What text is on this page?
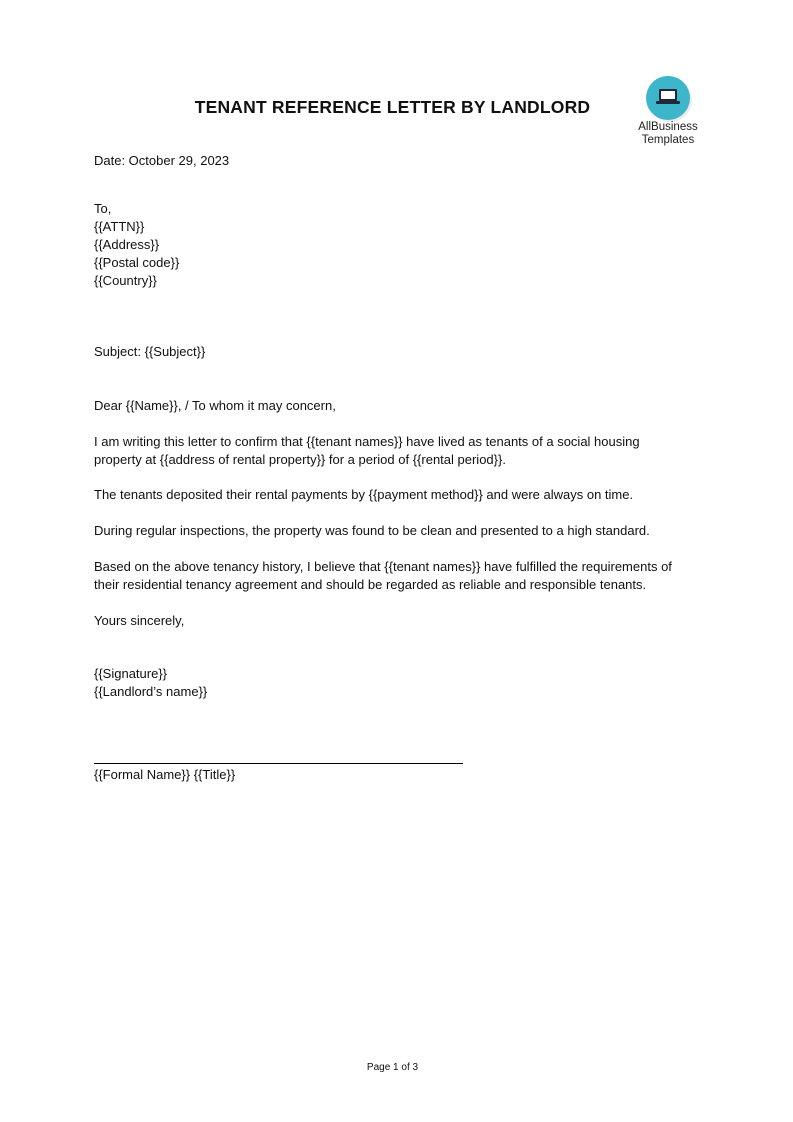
TENANT REFERENCE LETTER BY LANDLORD
AllBusiness
Templates
Date: October 29, 2023
To,
{{ATTN}}
{{Address}}
{{Postal code}}
{{Country}}
Subject: {{Subject}}
Dear {{Name}}, / To whom it may concern,
I am writing this letter to confirm that {{tenant names}} have lived as tenants of a social housing
property at {{address of rental property}} for a period of {{rental period}}.
The tenants deposited their rental payments by {{payment method}} and were always on time.
During regular inspections, the property was found to be clean and presented to a high standard.
Based on the above tenancy history, I believe that {{tenant names}} have fulfilled the requirements of
their residential tenancy agreement and should be regarded as reliable and responsible tenants.
Yours sincerely,
{{Signature}}
{{Landlord’s name}}
{{Formal Name}} {{Title}}
Page 1 of 3
